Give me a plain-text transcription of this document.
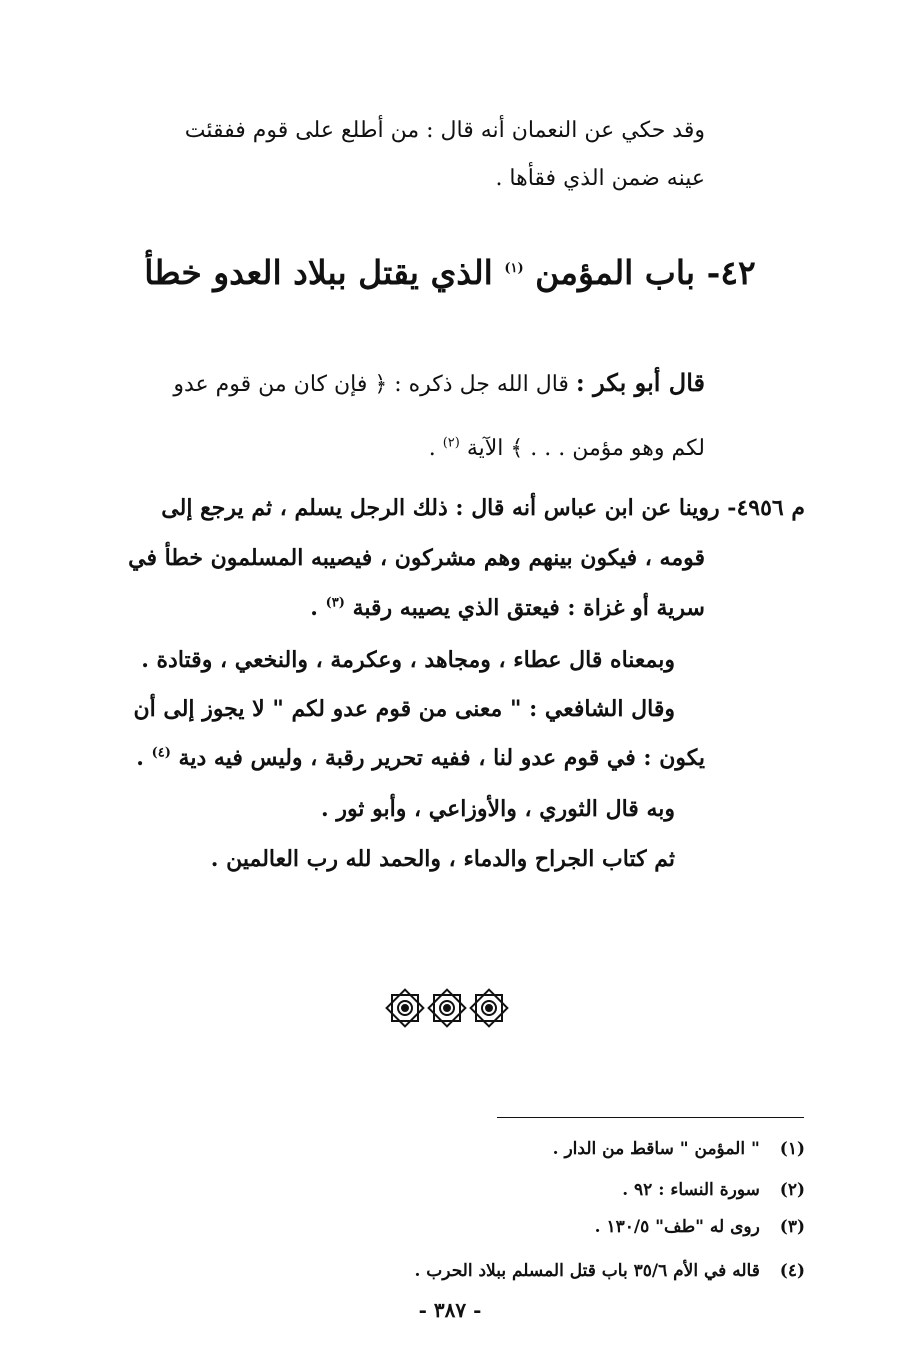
وقد حكي عن النعمان أنه قال : من أطلع على قوم ففقئت
عينه ضمن الذي فقأها .
٤٢- باب المؤمن $^{(١)}$ الذي يقتل ببلاد العدو خطأ
قال أبو بكر : قال الله جل ذكره : ﴿ فإن كان من قوم عدو
لكم وهو مؤمن . . . ﴾ الآية $^{(٢)}$ .
م ٤٩٥٦- روينا عن ابن عباس أنه قال : ذلك الرجل يسلم ، ثم يرجع إلى
قومه ، فيكون بينهم وهم مشركون ، فيصيبه المسلمون خطأ في
سرية أو غزاة : فيعتق الذي يصيبه رقبة $^{(٣)}$ .
وبمعناه قال عطاء ، ومجاهد ، وعكرمة ، والنخعي ، وقتادة .
وقال الشافعي : " معنى من قوم عدو لكم " لا يجوز إلى أن
يكون : في قوم عدو لنا ، ففيه تحرير رقبة ، وليس فيه دية $^{(٤)}$ .
وبه قال الثوري ، والأوزاعي ، وأبو ثور .
ثم كتاب الجراح والدماء ، والحمد لله رب العالمين .
(١) " المؤمن " ساقط من الدار .
(٢) سورة النساء : ٩٢ .
(٣) روى له "طف" ١٣٠/٥ .
(٤) قاله في الأم ٣٥/٦ باب قتل المسلم ببلاد الحرب .
- ٣٨٧ -
